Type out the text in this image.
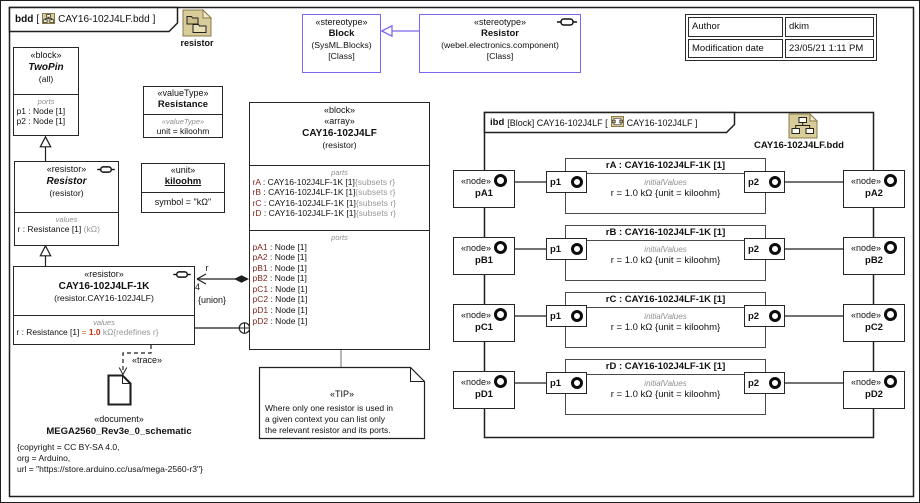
bdd [ CAY16-102J4LF.bdd ]
resistor
«stereotype»
Block
(SysML.Blocks)
[Class]
«stereotype»
Resistor
(webel.electronics.component)
[Class]
Author	dkim
Modification date	23/05/21 1:11 PM
«block»
TwoPin
(all)
ports
p1 : Node [1]
p2 : Node [1]
«valueType»
Resistance
«valueType»
unit = kiloohm
«resistor»
Resistor
(resistor)
values
r : Resistance [1] (kΩ)
«unit»
kiloohm
symbol = "kΩ"
«resistor»
CAY16-102J4LF-1K
(resistor.CAY16-102J4LF)
values
r : Resistance [1] = 1.0 kΩ{redefines r}
r
4
{union}
«trace»
«block»
«array»
CAY16-102J4LF
(resistor)
parts
rA : CAY16-102J4LF-1K [1]{subsets r}
rB : CAY16-102J4LF-1K [1]{subsets r}
rC : CAY16-102J4LF-1K [1]{subsets r}
rD : CAY16-102J4LF-1K [1]{subsets r}
ports
pA1 : Node [1]
pA2 : Node [1]
pB1 : Node [1]
pB2 : Node [1]
pC1 : Node [1]
pC2 : Node [1]
pD1 : Node [1]
pD2 : Node [1]
«document»
MEGA2560_Rev3e_0_schematic
{copyright = CC BY-SA 4.0,
org = Arduino,
url = "https://store.arduino.cc/usa/mega-2560-r3"}
«TIP»
Where only one resistor is used in
a given context you can list only
the relevant resistor and its ports.
ibd [Block] CAY16-102J4LF [ CAY16-102J4LF ]
CAY16-102J4LF.bdd
rA : CAY16-102J4LF-1K [1]
initialValues
r = 1.0 kΩ {unit = kiloohm}
p1	p2
«node»
pA1
«node»
pA2
rB : CAY16-102J4LF-1K [1]
initialValues
r = 1.0 kΩ {unit = kiloohm}
p1	p2
«node»
pB1
«node»
pB2
rC : CAY16-102J4LF-1K [1]
initialValues
r = 1.0 kΩ {unit = kiloohm}
p1	p2
«node»
pC1
«node»
pC2
rD : CAY16-102J4LF-1K [1]
initialValues
r = 1.0 kΩ {unit = kiloohm}
p1	p2
«node»
pD1
«node»
pD2
